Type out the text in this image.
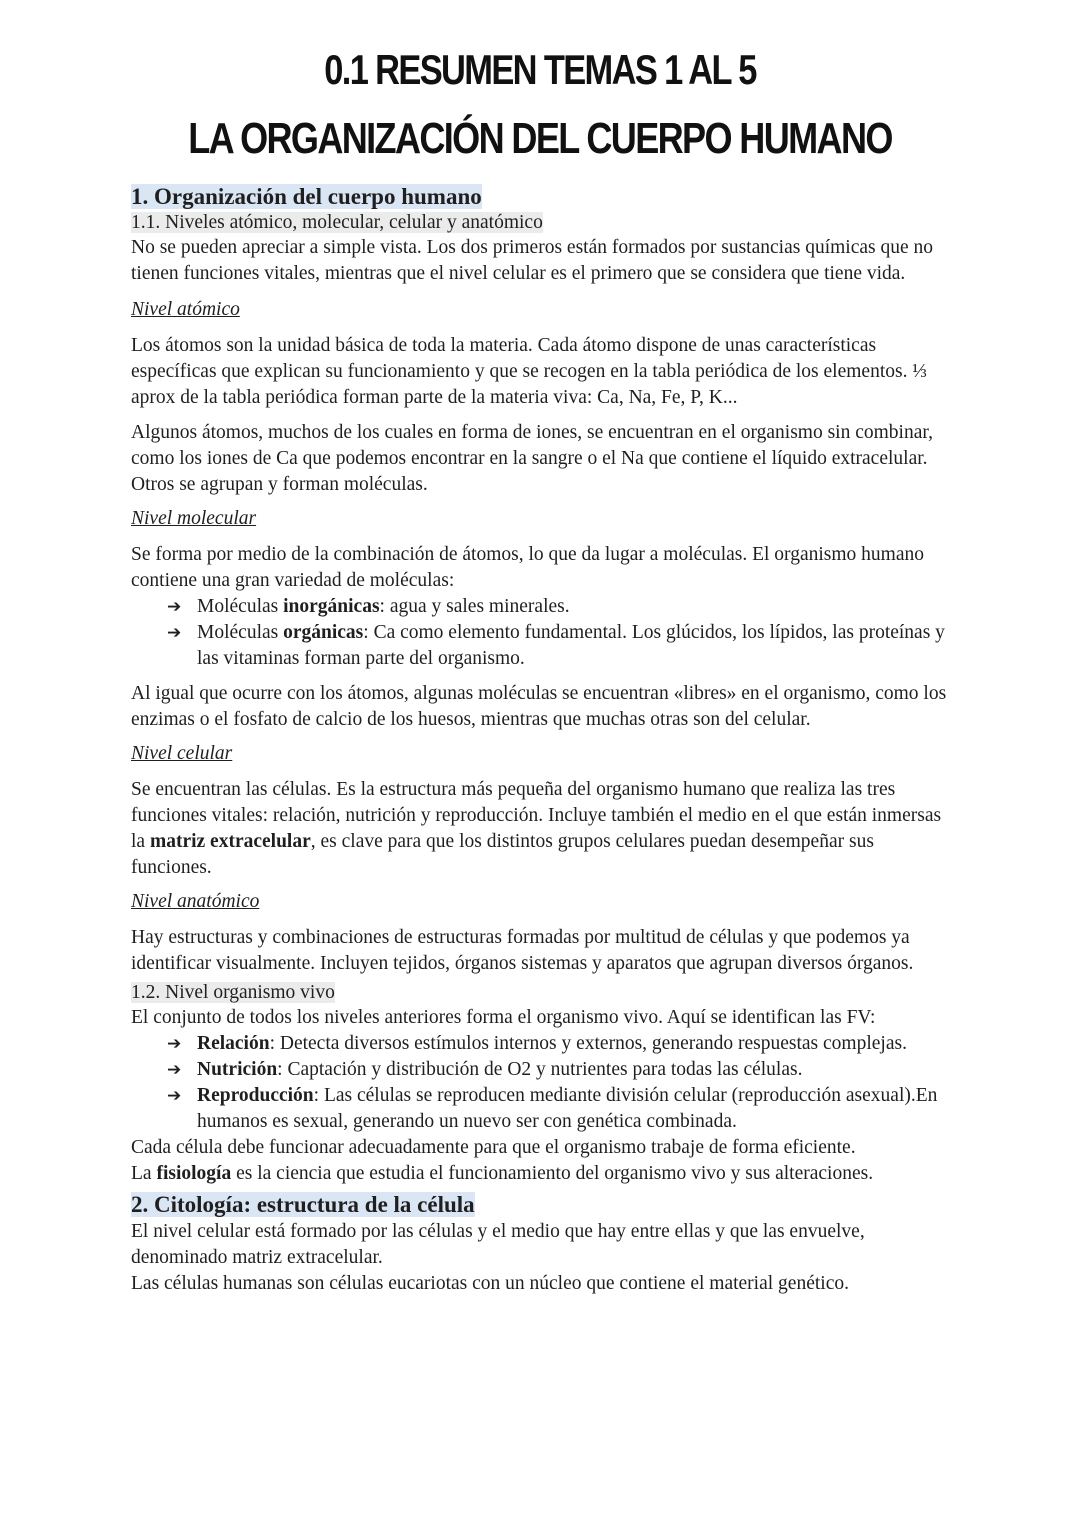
0.1 RESUMEN TEMAS 1 AL 5
LA ORGANIZACIÓN DEL CUERPO HUMANO
1. Organización del cuerpo humano
1.1. Niveles atómico, molecular, celular y anatómico

No se pueden apreciar a simple vista. Los dos primeros están formados por sustancias químicas que no tienen funciones vitales, mientras que el nivel celular es el primero que se considera que tiene vida.

Nivel atómico

Los átomos son la unidad básica de toda la materia. Cada átomo dispone de unas características específicas que explican su funcionamiento y que se recogen en la tabla periódica de los elementos. ⅓ aprox de la tabla periódica forman parte de la materia viva: Ca, Na, Fe, P, K...

Algunos átomos, muchos de los cuales en forma de iones, se encuentran en el organismo sin combinar, como los iones de Ca que podemos encontrar en la sangre o el Na que contiene el líquido extracelular. Otros se agrupan y forman moléculas.

Nivel molecular

Se forma por medio de la combinación de átomos, lo que da lugar a moléculas. El organismo humano contiene una gran variedad de moléculas:

➔ Moléculas inorgánicas: agua y sales minerales.
➔ Moléculas orgánicas: Ca como elemento fundamental. Los glúcidos, los lípidos, las proteínas y las vitaminas forman parte del organismo.

Al igual que ocurre con los átomos, algunas moléculas se encuentran «libres» en el organismo, como los enzimas o el fosfato de calcio de los huesos, mientras que muchas otras son del celular.

Nivel celular

Se encuentran las células. Es la estructura más pequeña del organismo humano que realiza las tres funciones vitales: relación, nutrición y reproducción. Incluye también el medio en el que están inmersas la matriz extracelular, es clave para que los distintos grupos celulares puedan desempeñar sus funciones.

Nivel anatómico

Hay estructuras y combinaciones de estructuras formadas por multitud de células y que podemos ya identificar visualmente. Incluyen tejidos, órganos sistemas y aparatos que agrupan diversos órganos.

1.2. Nivel organismo vivo

El conjunto de todos los niveles anteriores forma el organismo vivo. Aquí se identifican las FV:

➔ Relación: Detecta diversos estímulos internos y externos, generando respuestas complejas.
➔ Nutrición: Captación y distribución de O2 y nutrientes para todas las células.
➔ Reproducción: Las células se reproducen mediante división celular (reproducción asexual).En humanos es sexual, generando un nuevo ser con genética combinada.

Cada célula debe funcionar adecuadamente para que el organismo trabaje de forma eficiente.

La fisiología es la ciencia que estudia el funcionamiento del organismo vivo y sus alteraciones.

2. Citología: estructura de la célula

El nivel celular está formado por las células y el medio que hay entre ellas y que las envuelve, denominado matriz extracelular.

Las células humanas son células eucariotas con un núcleo que contiene el material genético.
